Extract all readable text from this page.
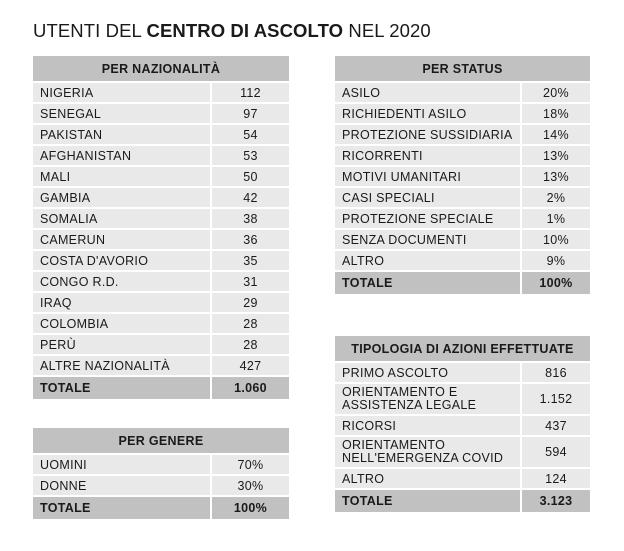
UTENTI DEL CENTRO DI ASCOLTO NEL 2020
PER NAZIONALITÀ	
NIGERIA	112
SENEGAL	97
PAKISTAN	54
AFGHANISTAN	53
MALI	50
GAMBIA	42
SOMALIA	38
CAMERUN	36
COSTA D'AVORIO	35
CONGO R.D.	31
IRAQ	29
COLOMBIA	28
PERÙ	28
ALTRE NAZIONALITÀ	427
TOTALE	1.060
PER GENERE	
UOMINI	70%
DONNE	30%
TOTALE	100%
PER STATUS	
ASILO	20%
RICHIEDENTI ASILO	18%
PROTEZIONE SUSSIDIARIA	14%
RICORRENTI	13%
MOTIVI UMANITARI	13%
CASI SPECIALI	2%
PROTEZIONE SPECIALE	1%
SENZA DOCUMENTI	10%
ALTRO	9%
TOTALE	100%
TIPOLOGIA DI AZIONI EFFETTUATE	
PRIMO ASCOLTO	816
ORIENTAMENTO E ASSISTENZA LEGALE	1.152
RICORSI	437
ORIENTAMENTO NELL'EMERGENZA COVID	594
ALTRO	124
TOTALE	3.123
